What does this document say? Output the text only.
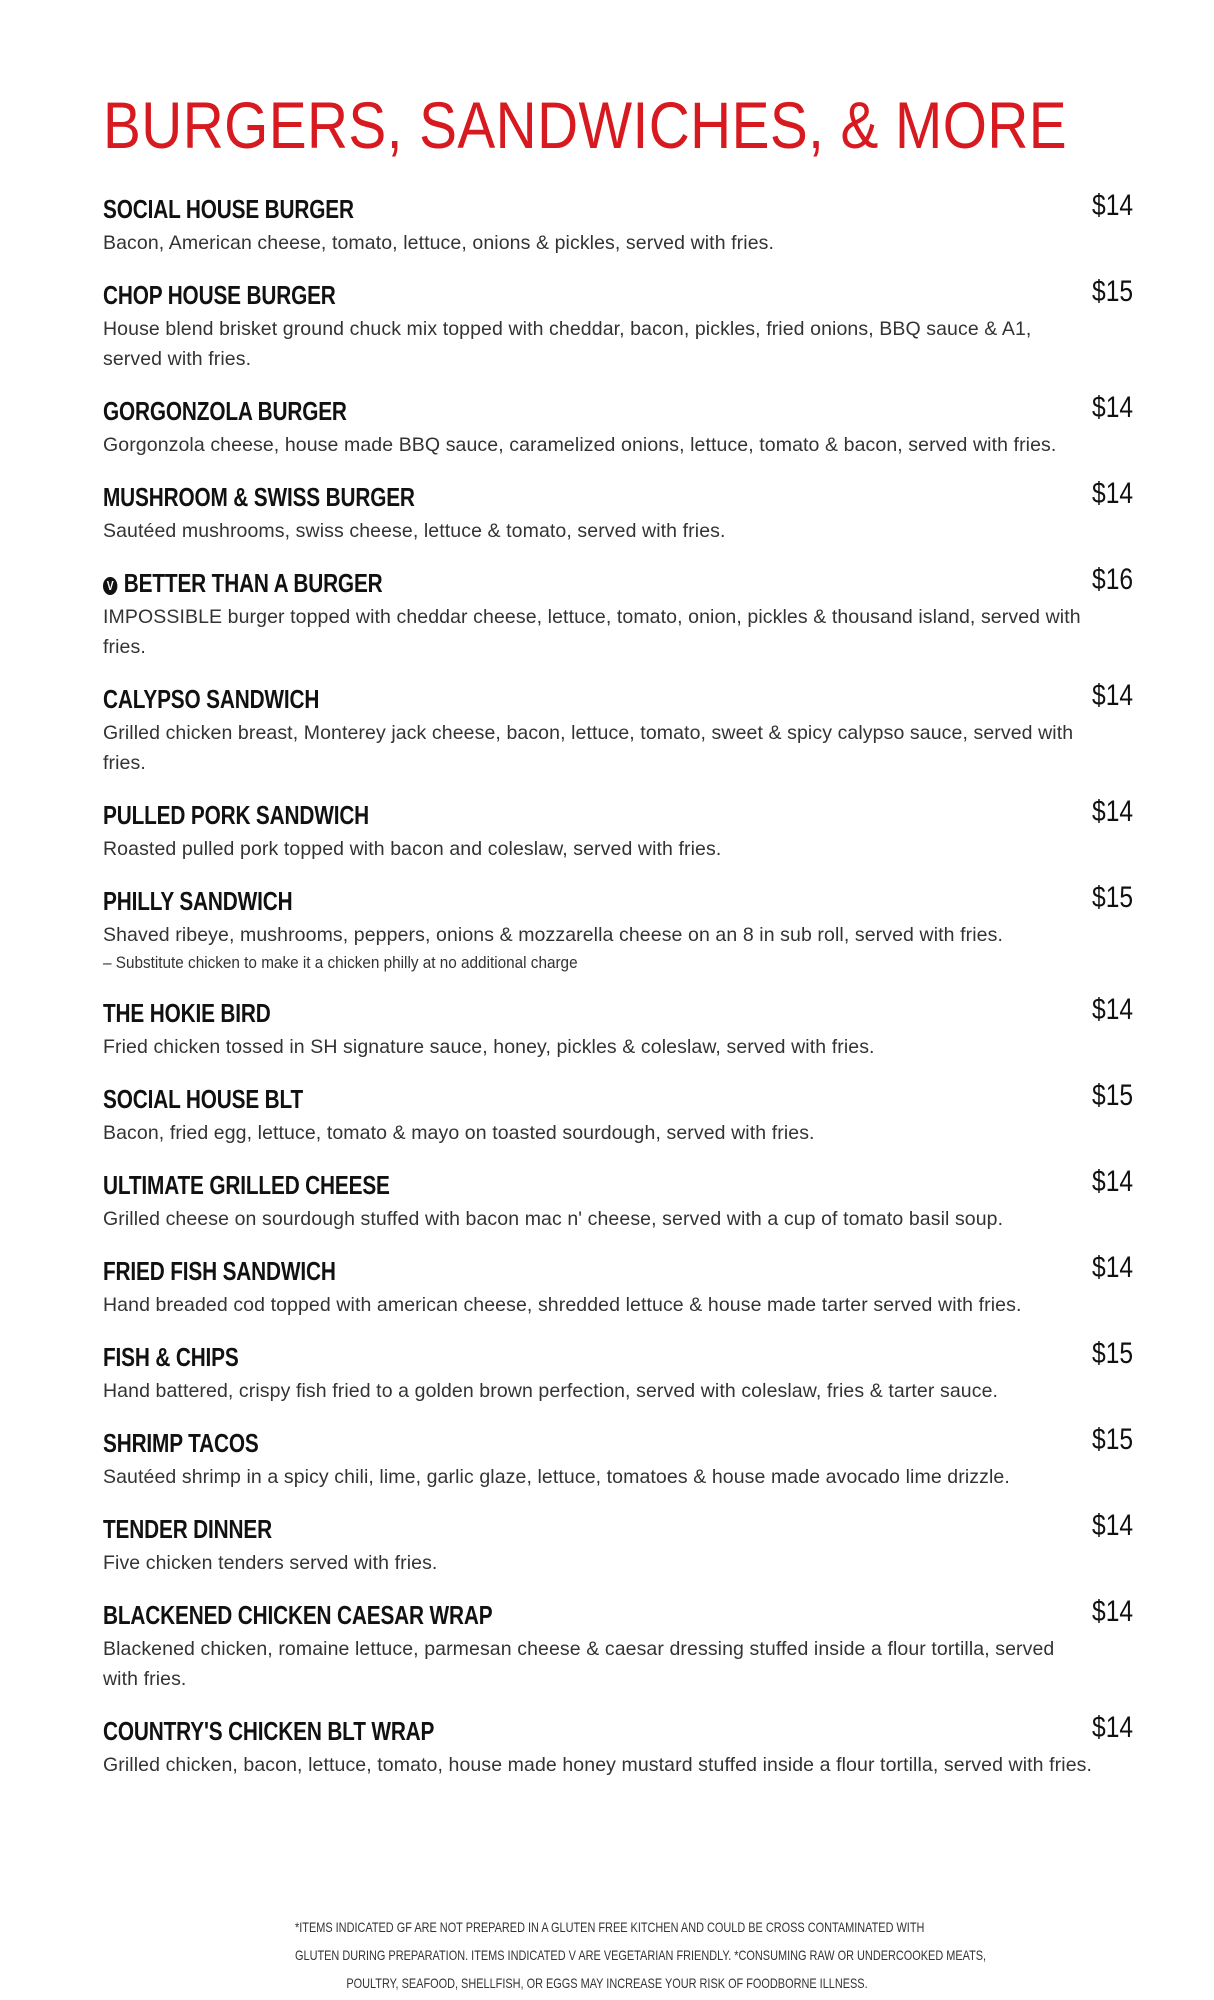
BURGERS, SANDWICHES, & MORE
SOCIAL HOUSE BURGER	$14

Bacon, American cheese, tomato, lettuce, onions & pickles, served with fries.

CHOP HOUSE BURGER	$15

House blend brisket ground chuck mix topped with cheddar, bacon, pickles, fried onions, BBQ sauce & A1, served with fries.

GORGONZOLA BURGER	$14

Gorgonzola cheese, house made BBQ sauce, caramelized onions, lettuce, tomato & bacon, served with fries.

MUSHROOM & SWISS BURGER	$14

Sautéed mushrooms, swiss cheese, lettuce & tomato, served with fries.

V BETTER THAN A BURGER	$16

IMPOSSIBLE burger topped with cheddar cheese, lettuce, tomato, onion, pickles & thousand island, served with fries.

CALYPSO SANDWICH	$14

Grilled chicken breast, Monterey jack cheese, bacon, lettuce, tomato, sweet & spicy calypso sauce, served with fries.

PULLED PORK SANDWICH	$14

Roasted pulled pork topped with bacon and coleslaw, served with fries.

PHILLY SANDWICH	$15

Shaved ribeye, mushrooms, peppers, onions & mozzarella cheese on an 8 in sub roll, served with fries.

– Substitute chicken to make it a chicken philly at no additional charge

THE HOKIE BIRD	$14

Fried chicken tossed in SH signature sauce, honey, pickles & coleslaw, served with fries.

SOCIAL HOUSE BLT	$15

Bacon, fried egg, lettuce, tomato & mayo on toasted sourdough, served with fries.

ULTIMATE GRILLED CHEESE	$14

Grilled cheese on sourdough stuffed with bacon mac n' cheese, served with a cup of tomato basil soup.

FRIED FISH SANDWICH	$14

Hand breaded cod topped with american cheese, shredded lettuce & house made tarter served with fries.

FISH & CHIPS	$15

Hand battered, crispy fish fried to a golden brown perfection, served with coleslaw, fries & tarter sauce.

SHRIMP TACOS	$15

Sautéed shrimp in a spicy chili, lime, garlic glaze, lettuce, tomatoes & house made avocado lime drizzle.

TENDER DINNER	$14

Five chicken tenders served with fries.

BLACKENED CHICKEN CAESAR WRAP	$14

Blackened chicken, romaine lettuce, parmesan cheese & caesar dressing stuffed inside a flour tortilla, served with fries.

COUNTRY'S CHICKEN BLT WRAP	$14

Grilled chicken, bacon, lettuce, tomato, house made honey mustard stuffed inside a flour tortilla, served with fries.

*ITEMS INDICATED GF ARE NOT PREPARED IN A GLUTEN FREE KITCHEN AND COULD BE CROSS CONTAMINATED WITH
GLUTEN DURING PREPARATION. ITEMS INDICATED V ARE VEGETARIAN FRIENDLY. *CONSUMING RAW OR UNDERCOOKED MEATS,
POULTRY, SEAFOOD, SHELLFISH, OR EGGS MAY INCREASE YOUR RISK OF FOODBORNE ILLNESS.
